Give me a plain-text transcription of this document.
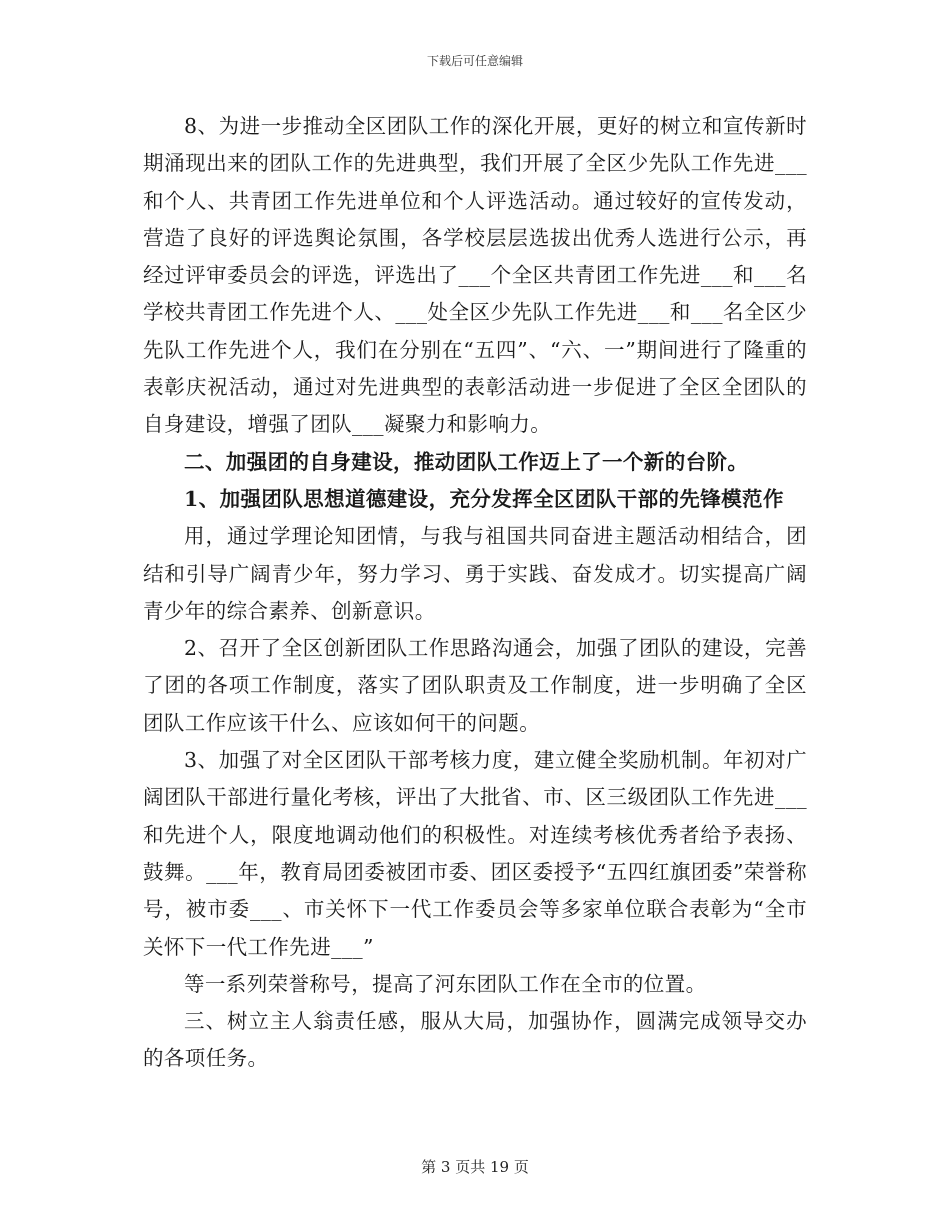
下载后可任意编辑

8、为进一步推动全区团队工作的深化开展，更好的树立和宣传新时期涌现出来的团队工作的先进典型，我们开展了全区少先队工作先进___和个人、共青团工作先进单位和个人评选活动。通过较好的宣传发动，营造了良好的评选舆论氛围，各学校层层选拔出优秀人选进行公示，再经过评审委员会的评选，评选出了___个全区共青团工作先进___和___名学校共青团工作先进个人、___处全区少先队工作先进___和___名全区少先队工作先进个人，我们在分别在“五四”、“六、一”期间进行了隆重的表彰庆祝活动，通过对先进典型的表彰活动进一步促进了全区全团队的自身建设，增强了团队___凝聚力和影响力。

二、加强团的自身建设，推动团队工作迈上了一个新的台阶。

1、加强团队思想道德建设，充分发挥全区团队干部的先锋模范作

用，通过学理论知团情，与我与祖国共同奋进主题活动相结合，团结和引导广阔青少年，努力学习、勇于实践、奋发成才。切实提高广阔青少年的综合素养、创新意识。

2、召开了全区创新团队工作思路沟通会，加强了团队的建设，完善了团的各项工作制度，落实了团队职责及工作制度，进一步明确了全区团队工作应该干什么、应该如何干的问题。

3、加强了对全区团队干部考核力度，建立健全奖励机制。年初对广阔团队干部进行量化考核，评出了大批省、市、区三级团队工作先进___和先进个人，限度地调动他们的积极性。对连续考核优秀者给予表扬、鼓舞。___年，教育局团委被团市委、团区委授予“五四红旗团委”荣誉称号，被市委___、市关怀下一代工作委员会等多家单位联合表彰为“全市关怀下一代工作先进___”

等一系列荣誉称号，提高了河东团队工作在全市的位置。

三、树立主人翁责任感，服从大局，加强协作，圆满完成领导交办的各项任务。

第 3 页共 19 页
